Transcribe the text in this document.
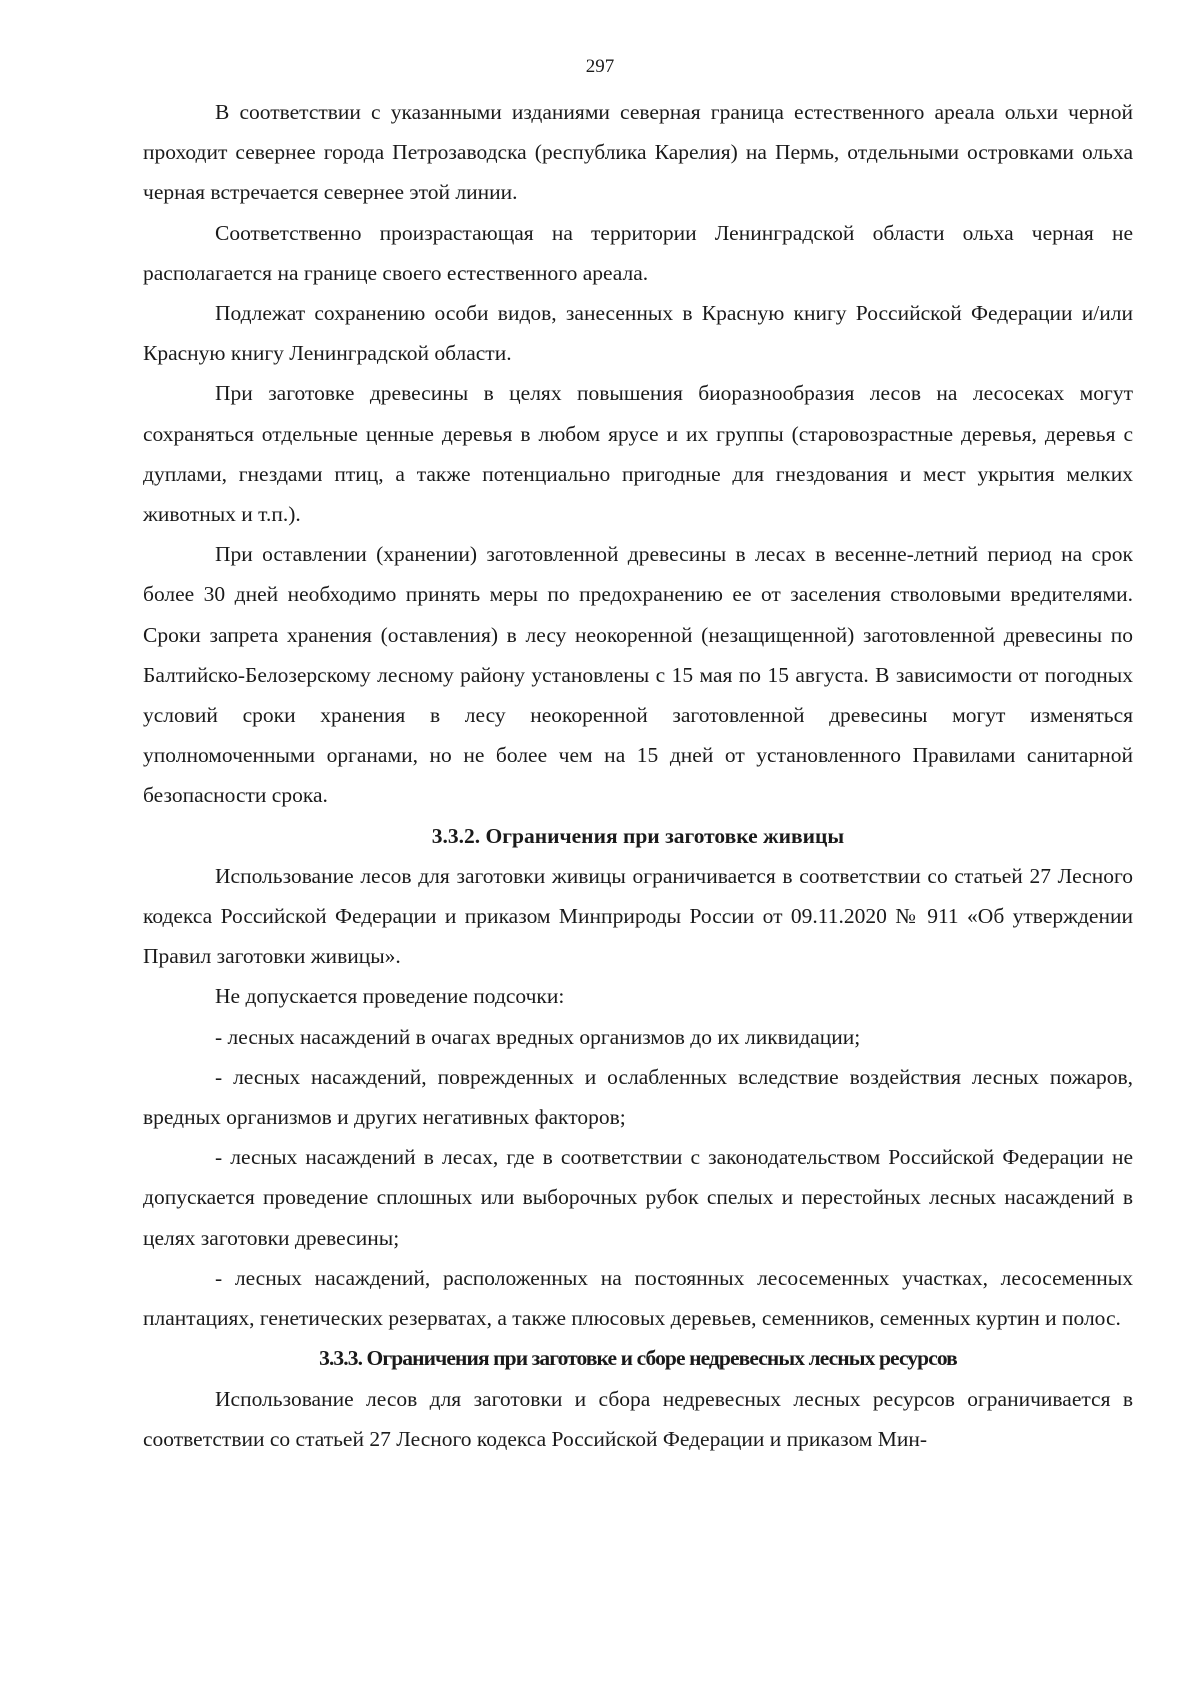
297

В соответствии с указанными изданиями северная граница естественного ареала ольхи черной проходит севернее города Петрозаводска (республика Карелия) на Пермь, отдельными островками ольха черная встречается севернее этой линии.

Соответственно произрастающая на территории Ленинградской области ольха черная не располагается на границе своего естественного ареала.

Подлежат сохранению особи видов, занесенных в Красную книгу Российской Федерации и/или Красную книгу Ленинградской области.

При заготовке древесины в целях повышения биоразнообразия лесов на лесосеках могут сохраняться отдельные ценные деревья в любом ярусе и их группы (старовозрастные деревья, деревья с дуплами, гнездами птиц, а также потенциально пригодные для гнездования и мест укрытия мелких животных и т.п.).

При оставлении (хранении) заготовленной древесины в лесах в весенне-летний период на срок более 30 дней необходимо принять меры по предохранению ее от заселения стволовыми вредителями. Сроки запрета хранения (оставления) в лесу неокоренной (незащищенной) заготовленной древесины по Балтийско-Белозерскому лесному району установлены с 15 мая по 15 августа. В зависимости от погодных условий сроки хранения в лесу неокоренной заготовленной древесины могут изменяться уполномоченными органами, но не более чем на 15 дней от установленного Правилами санитарной безопасности срока.

3.3.2. Ограничения при заготовке живицы

Использование лесов для заготовки живицы ограничивается в соответствии со статьей 27 Лесного кодекса Российской Федерации и приказом Минприроды России от 09.11.2020 № 911 «Об утверждении Правил заготовки живицы».

Не допускается проведение подсочки:

- лесных насаждений в очагах вредных организмов до их ликвидации;

- лесных насаждений, поврежденных и ослабленных вследствие воздействия лесных пожаров, вредных организмов и других негативных факторов;

- лесных насаждений в лесах, где в соответствии с законодательством Российской Федерации не допускается проведение сплошных или выборочных рубок спелых и перестойных лесных насаждений в целях заготовки древесины;

- лесных насаждений, расположенных на постоянных лесосеменных участках, лесосеменных плантациях, генетических резерватах, а также плюсовых деревьев, семенников, семенных куртин и полос.

3.3.3. Ограничения при заготовке и сборе недревесных лесных ресурсов

Использование лесов для заготовки и сбора недревесных лесных ресурсов ограничивается в соответствии со статьей 27 Лесного кодекса Российской Федерации и приказом Мин-
